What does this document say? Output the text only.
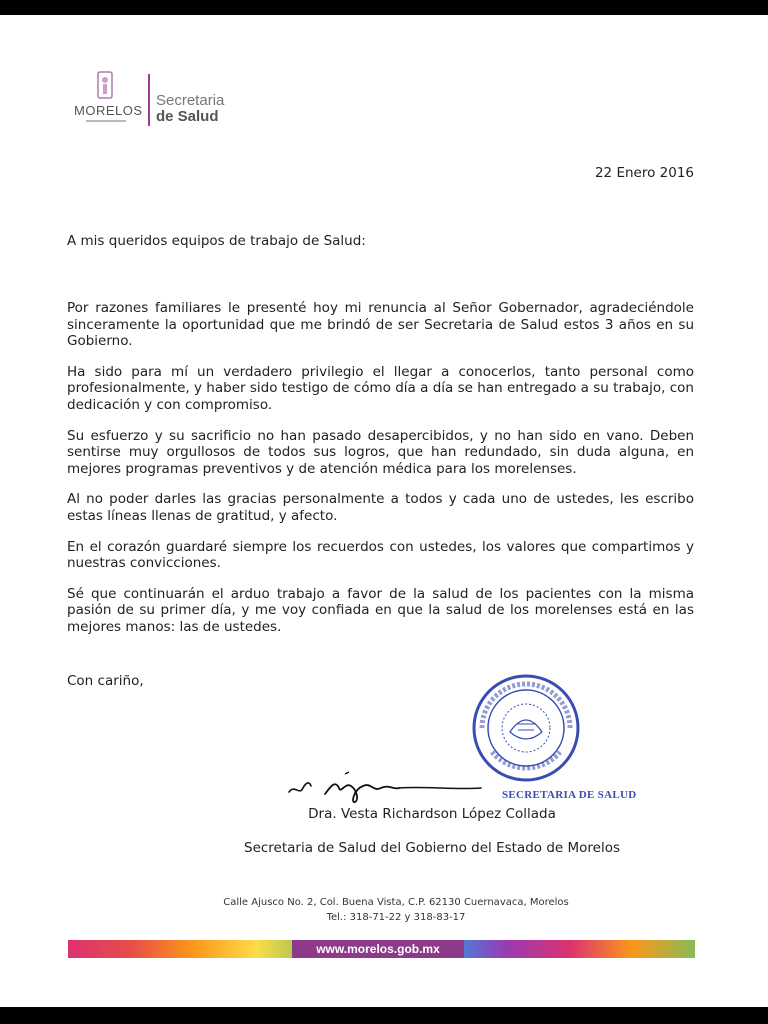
MORELOS
Secretaria
de Salud
22 Enero 2016
A mis queridos equipos de trabajo de Salud:

Por razones familiares le presenté hoy mi renuncia al Señor Gobernador, agradeciéndole sinceramente la oportunidad que me brindó de ser Secretaria de Salud estos 3 años en su Gobierno.

Ha sido para mí un verdadero privilegio el llegar a conocerlos, tanto personal como profesionalmente, y haber sido testigo de cómo día a día se han entregado a su trabajo, con dedicación y con compromiso.

Su esfuerzo y su sacrificio no han pasado desapercibidos, y no han sido en vano. Deben sentirse muy orgullosos de todos sus logros, que han redundado, sin duda alguna, en mejores programas preventivos y de atención médica para los morelenses.

Al no poder darles las gracias personalmente a todos y cada uno de ustedes, les escribo estas líneas llenas de gratitud, y afecto.

En el corazón guardaré siempre los recuerdos con ustedes, los valores que compartimos y nuestras convicciones.

Sé que continuarán el arduo trabajo a favor de la salud de los pacientes con la misma pasión de su primer día, y me voy confiada en que la salud de los morelenses está en las mejores manos: las de ustedes.

Con cariño,
SECRETARIA DE SALUD
Dra. Vesta Richardson López Collada
Secretaria de Salud del Gobierno del Estado de Morelos
Calle Ajusco No. 2, Col. Buena Vista, C.P. 62130 Cuernavaca, Morelos
Tel.: 318-71-22 y 318-83-17
www.morelos.gob.mx
